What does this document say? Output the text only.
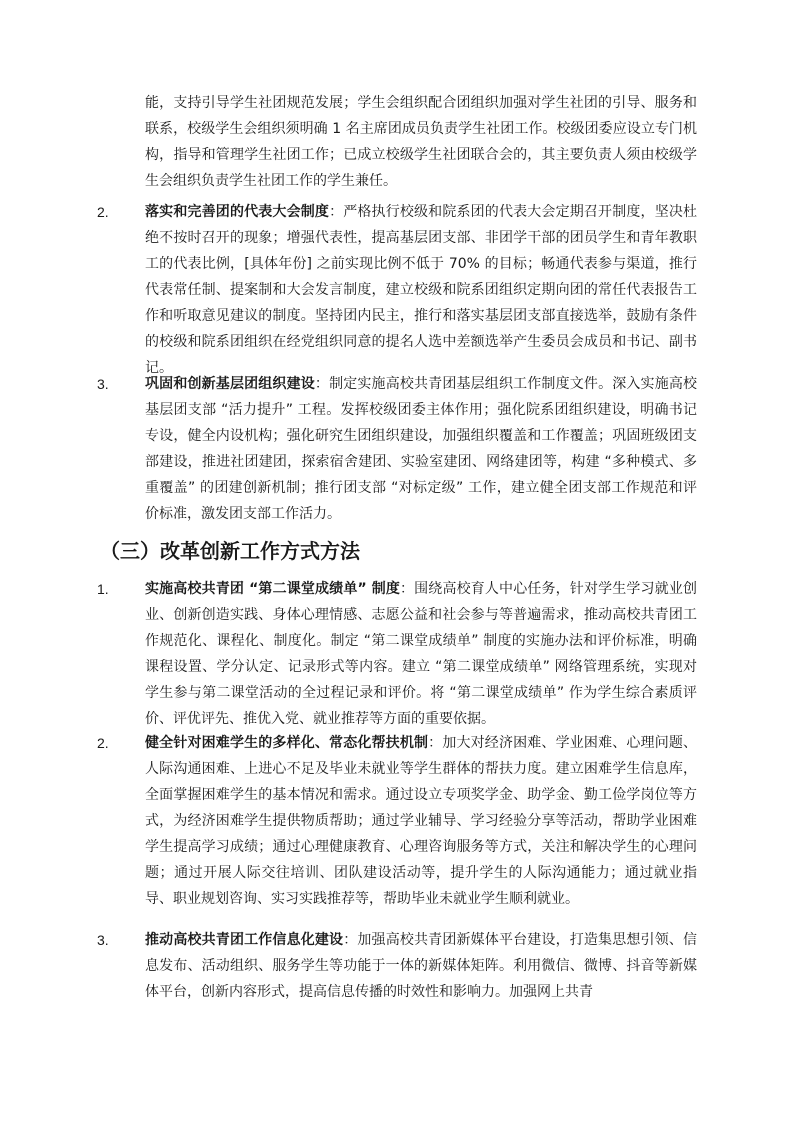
能，支持引导学生社团规范发展；学生会组织配合团组织加强对学生社团的引导、服务和联系，校级学生会组织须明确 1 名主席团成员负责学生社团工作。校级团委应设立专门机构，指导和管理学生社团工作；已成立校级学生社团联合会的，其主要负责人须由校级学生会组织负责学生社团工作的学生兼任。

2.	落实和完善团的代表大会制度：严格执行校级和院系团的代表大会定期召开制度，坚决杜绝不按时召开的现象；增强代表性，提高基层团支部、非团学干部的团员学生和青年教职工的代表比例，[具体年份] 之前实现比例不低于 70% 的目标；畅通代表参与渠道，推行代表常任制、提案制和大会发言制度，建立校级和院系团组织定期向团的常任代表报告工作和听取意见建议的制度。坚持团内民主，推行和落实基层团支部直接选举，鼓励有条件的校级和院系团组织在经党组织同意的提名人选中差额选举产生委员会成员和书记、副书记。

3.	巩固和创新基层团组织建设：制定实施高校共青团基层组织工作制度文件。深入实施高校基层团支部 “活力提升” 工程。发挥校级团委主体作用；强化院系团组织建设，明确书记专设，健全内设机构；强化研究生团组织建设，加强组织覆盖和工作覆盖；巩固班级团支部建设，推进社团建团，探索宿舍建团、实验室建团、网络建团等，构建 “多种模式、多重覆盖” 的团建创新机制；推行团支部 “对标定级” 工作，建立健全团支部工作规范和评价标准，激发团支部工作活力。

（三）改革创新工作方式方法
1.	实施高校共青团 “第二课堂成绩单” 制度：围绕高校育人中心任务，针对学生学习就业创业、创新创造实践、身体心理情感、志愿公益和社会参与等普遍需求，推动高校共青团工作规范化、课程化、制度化。制定 “第二课堂成绩单” 制度的实施办法和评价标准，明确课程设置、学分认定、记录形式等内容。建立 “第二课堂成绩单” 网络管理系统，实现对学生参与第二课堂活动的全过程记录和评价。将 “第二课堂成绩单” 作为学生综合素质评价、评优评先、推优入党、就业推荐等方面的重要依据。

2.	健全针对困难学生的多样化、常态化帮扶机制：加大对经济困难、学业困难、心理问题、人际沟通困难、上进心不足及毕业未就业等学生群体的帮扶力度。建立困难学生信息库，全面掌握困难学生的基本情况和需求。通过设立专项奖学金、助学金、勤工俭学岗位等方式，为经济困难学生提供物质帮助；通过学业辅导、学习经验分享等活动，帮助学业困难学生提高学习成绩；通过心理健康教育、心理咨询服务等方式，关注和解决学生的心理问题；通过开展人际交往培训、团队建设活动等，提升学生的人际沟通能力；通过就业指导、职业规划咨询、实习实践推荐等，帮助毕业未就业学生顺利就业。

3.	推动高校共青团工作信息化建设：加强高校共青团新媒体平台建设，打造集思想引领、信息发布、活动组织、服务学生等功能于一体的新媒体矩阵。利用微信、微博、抖音等新媒体平台，创新内容形式，提高信息传播的时效性和影响力。加强网上共青
